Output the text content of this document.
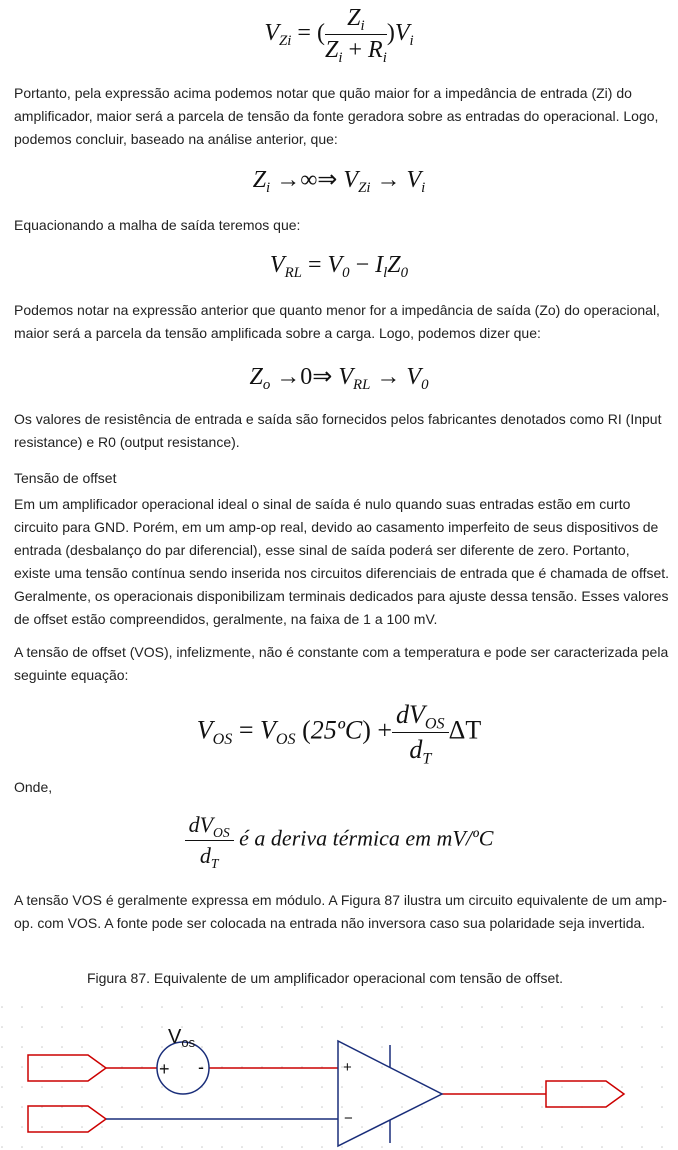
$V_{Zi}$ = ( $\frac{Z_i}{Z_i + R_i} )V_i$

Portanto, pela expressão acima podemos notar que quão maior for a impedância de entrada (Zi) do amplificador, maior será a parcela de tensão da fonte geradora sobre as entradas do operacional. Logo, podemos concluir, baseado na análise anterior, que:

$Z_i$ →∞⇒ $V_{Zi} \to V_i$

Equacionando a malha de saída teremos que:

$V_{RL} = V_0 - I_lZ_0$

Podemos notar na expressão anterior que quanto menor for a impedância de saída (Zo) do operacional, maior será a parcela da tensão amplificada sobre a carga. Logo, podemos dizer que:

$Z_o$ →0⇒ $V_{RL} \to V_0$

Os valores de resistência de entrada e saída são fornecidos pelos fabricantes denotados como RI (Input resistance) e R0 (output resistance).

Tensão de offset

Em um amplificador operacional ideal o sinal de saída é nulo quando suas entradas estão em curto circuito para GND. Porém, em um amp-op real, devido ao casamento imperfeito de seus dispositivos de entrada (desbalanço do par diferencial), esse sinal de saída poderá ser diferente de zero. Portanto, existe uma tensão contínua sendo inserida nos circuitos diferenciais de entrada que é chamada de offset. Geralmente, os operacionais disponibilizam terminais dedicados para ajuste dessa tensão. Esses valores de offset estão compreendidos, geralmente, na faixa de 1 a 100 mV.

A tensão de offset (VOS), infelizmente, não é constante com a temperatura e pode ser caracterizada pela seguinte equação:

$V_{OS} = V_{OS}$ (25ºC) + $\frac{dV_{OS}}{d_T}$ ΔT

Onde,

$\frac{dV_{OS}}{d_T}$ é a deriva térmica em mV/ºC

A tensão VOS é geralmente expressa em módulo. A Figura 87 ilustra um circuito equivalente de um amp-op. com VOS. A fonte pode ser colocada na entrada não inversora caso sua polaridade seja invertida.

Figura 87. Equivalente de um amplificador operacional com tensão de offset.

+ -
$V_{os}$
+
−
